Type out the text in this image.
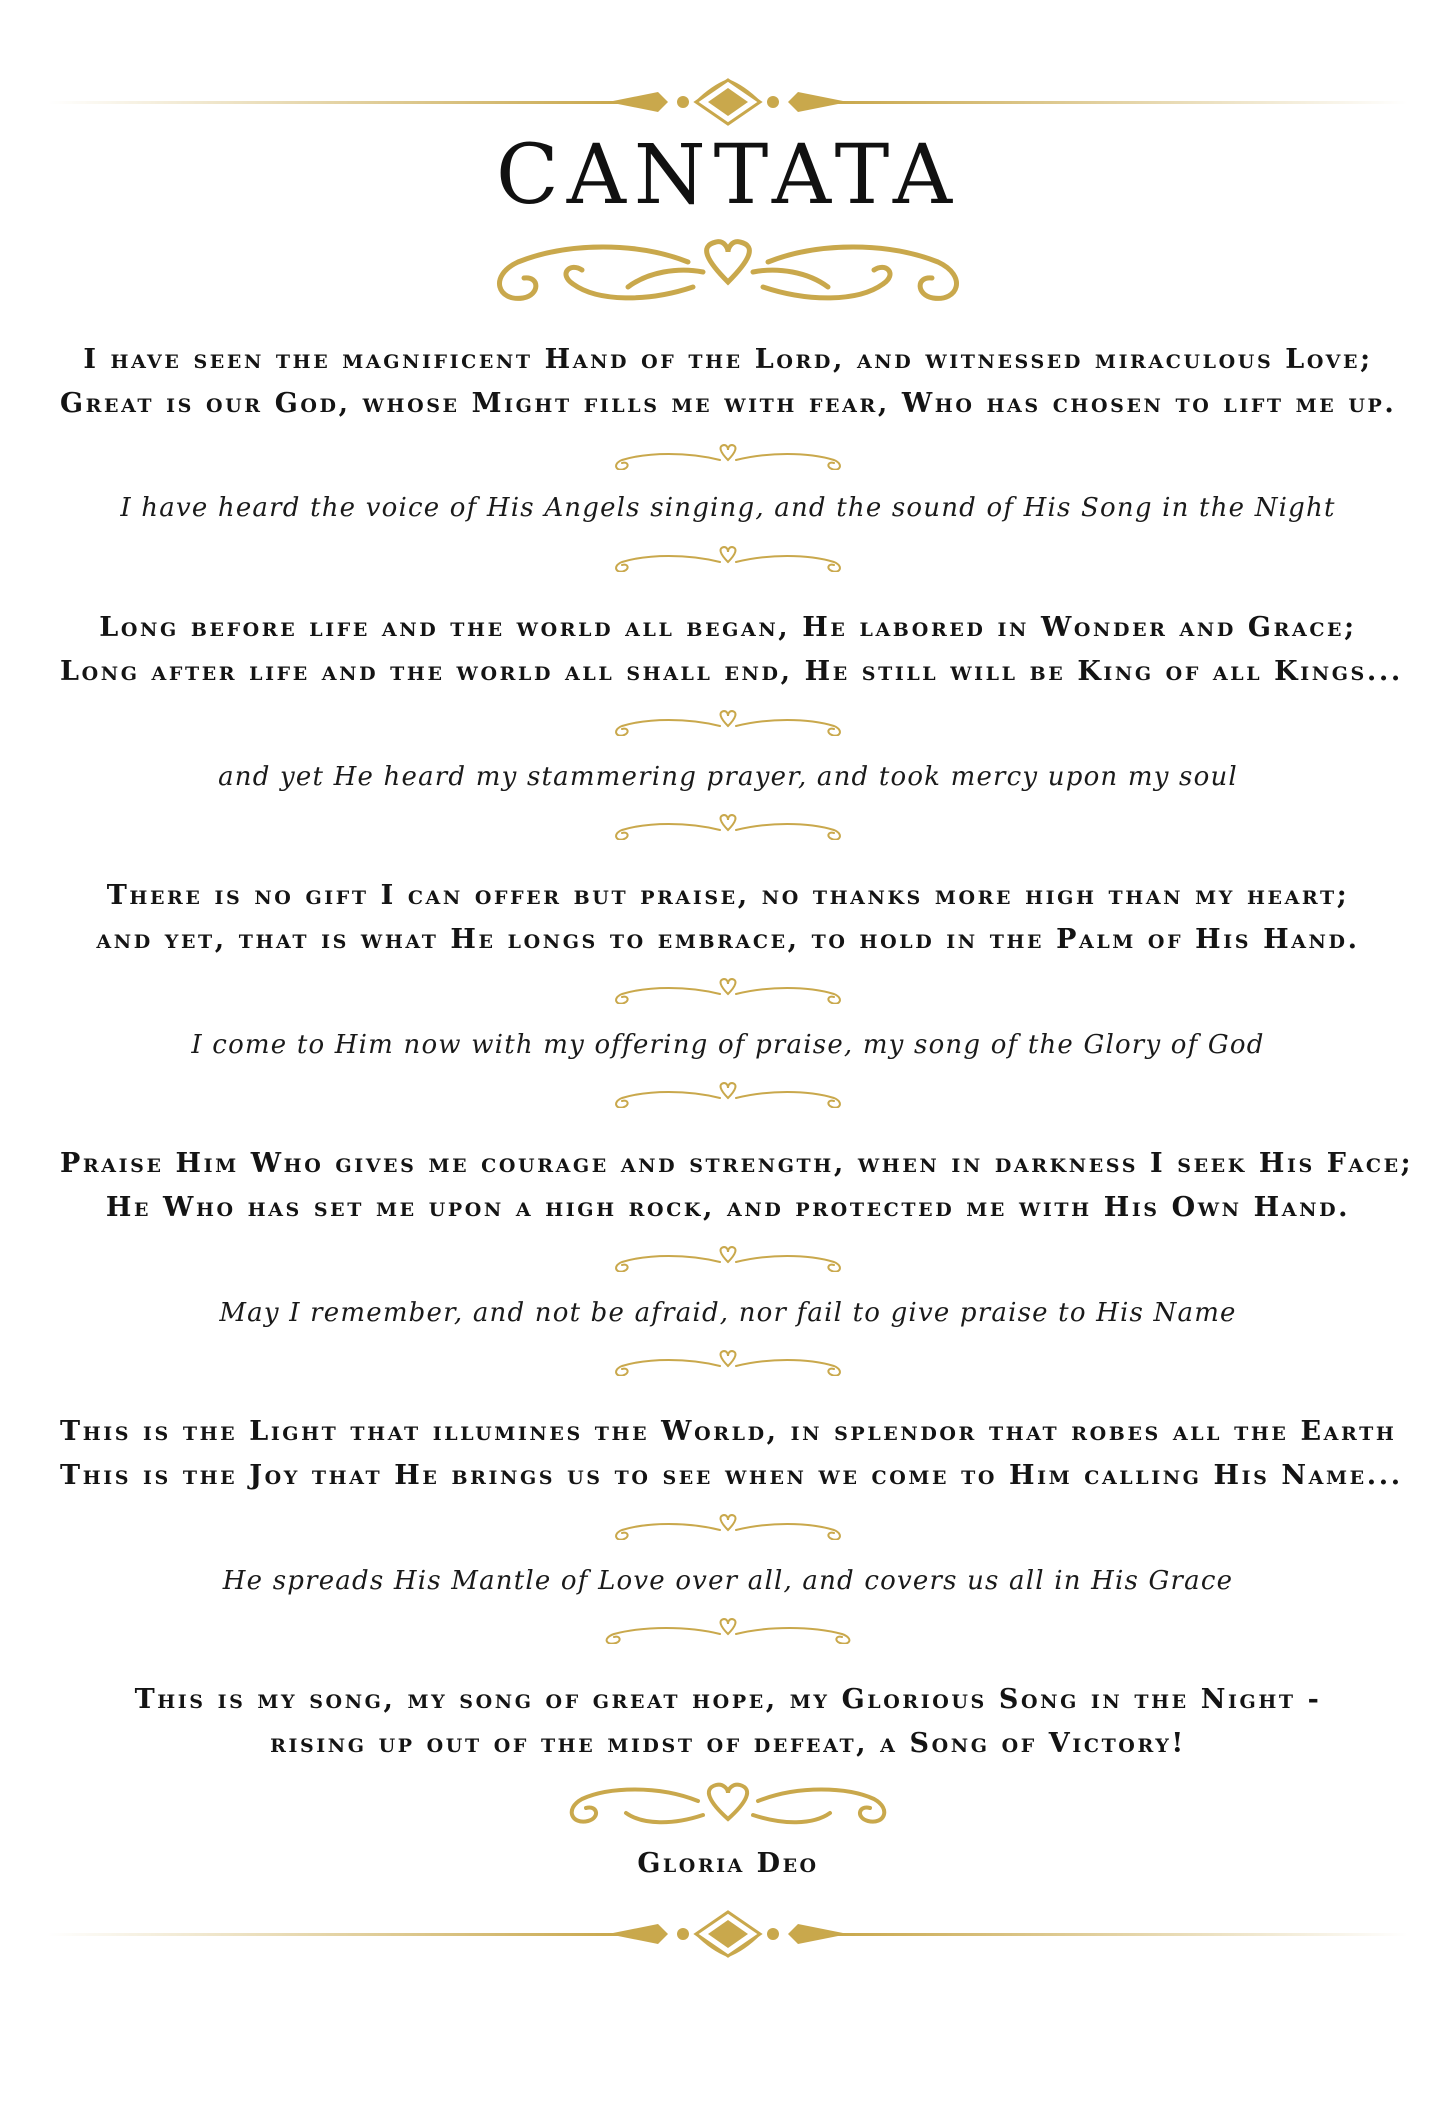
CANTATA
I have seen the magnificent Hand of the Lord, and witnessed miraculous Love;
Great is our God, whose Might fills me with fear, Who has chosen to lift me up.
I have heard the voice of His Angels singing, and the sound of His Song in the Night
Long before life and the world all began, He labored in Wonder and Grace;
Long after life and the world all shall end, He still will be King of all Kings...
and yet He heard my stammering prayer, and took mercy upon my soul
There is no gift I can offer but praise, no thanks more high than my heart;
and yet, that is what He longs to embrace, to hold in the Palm of His Hand.
I come to Him now with my offering of praise, my song of the Glory of God
Praise Him Who gives me courage and strength, when in darkness I seek His Face;
He Who has set me upon a high rock, and protected me with His Own Hand.
May I remember, and not be afraid, nor fail to give praise to His Name
This is the Light that illumines the World, in splendor that robes all the Earth
This is the Joy that He brings us to see when we come to Him calling His Name...
He spreads His Mantle of Love over all, and covers us all in His Grace
This is my song, my song of great hope, my Glorious Song in the Night -
rising up out of the midst of defeat, a Song of Victory!
Gloria Deo
